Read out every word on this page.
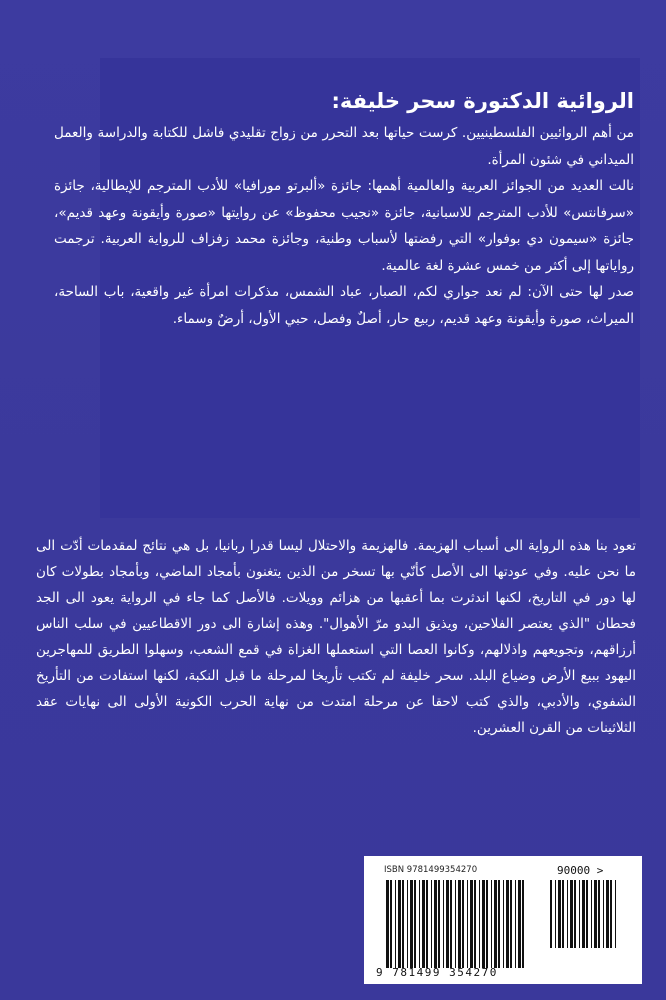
الروائية الدكتورة سحر خليفة:

من أهم الروائيين الفلسطينيين. كرست حياتها بعد التحرر من زواج تقليدي فاشل للكتابة والدراسة والعمل الميداني في شئون المرأة.

نالت العديد من الجوائز العربية والعالمية أهمها: جائزة «ألبرتو مورافيا» للأدب المترجم للإيطالية، جائزة «سرفانتس» للأدب المترجم للاسبانية، جائزة «نجيب محفوظ» عن روايتها «صورة وأيقونة وعهد قديم»، جائزة «سيمون دي بوفوار» التي رفضتها لأسباب وطنية، وجائزة محمد زفزاف للرواية العربية. ترجمت رواياتها إلى أكثر من خمس عشرة لغة عالمية.

صدر لها حتى الآن: لم نعد جواري لكم، الصبار، عباد الشمس، مذكرات امرأة غير واقعية، باب الساحة، الميراث، صورة وأيقونة وعهد قديم، ربيع حار، أصلٌ وفصل، حبي الأول، أرضٌ وسماء.

تعود بنا هذه الرواية الى أسباب الهزيمة. فالهزيمة والاحتلال ليسا قدرا ربانيا، بل هي نتائج لمقدمات أدّت الى ما نحن عليه. وفي عودتها الى الأصل كأنّي بها تسخر من الذين يتغنون بأمجاد الماضي، وبأمجاد بطولات كان لها دور في التاريخ، لكنها اندثرت بما أعقبها من هزائم وويلات. فالأصل كما جاء في الرواية يعود الى الجد فحطان "الذي يعتصر الفلاحين، ويذيق البدو مرّ الأهوال". وهذه إشارة الى دور الاقطاعيين في سلب الناس أرزاقهم، وتجويعهم واذلالهم، وكانوا العصا التي استعملها الغزاة في قمع الشعب، وسهلوا الطريق للمهاجرين اليهود ببيع الأرض وضياع البلد. سحر خليفة لم تكتب تأريخا لمرحلة ما قبل النكبة، لكنها استفادت من التأريخ الشفوي، والأدبي، والذي كتب لاحقا عن مرحلة امتدت من نهاية الحرب الكونية الأولى الى نهايات عقد الثلاثينات من القرن العشرين.

ISBN 9781499354270	90000 >
9 781499 354270
